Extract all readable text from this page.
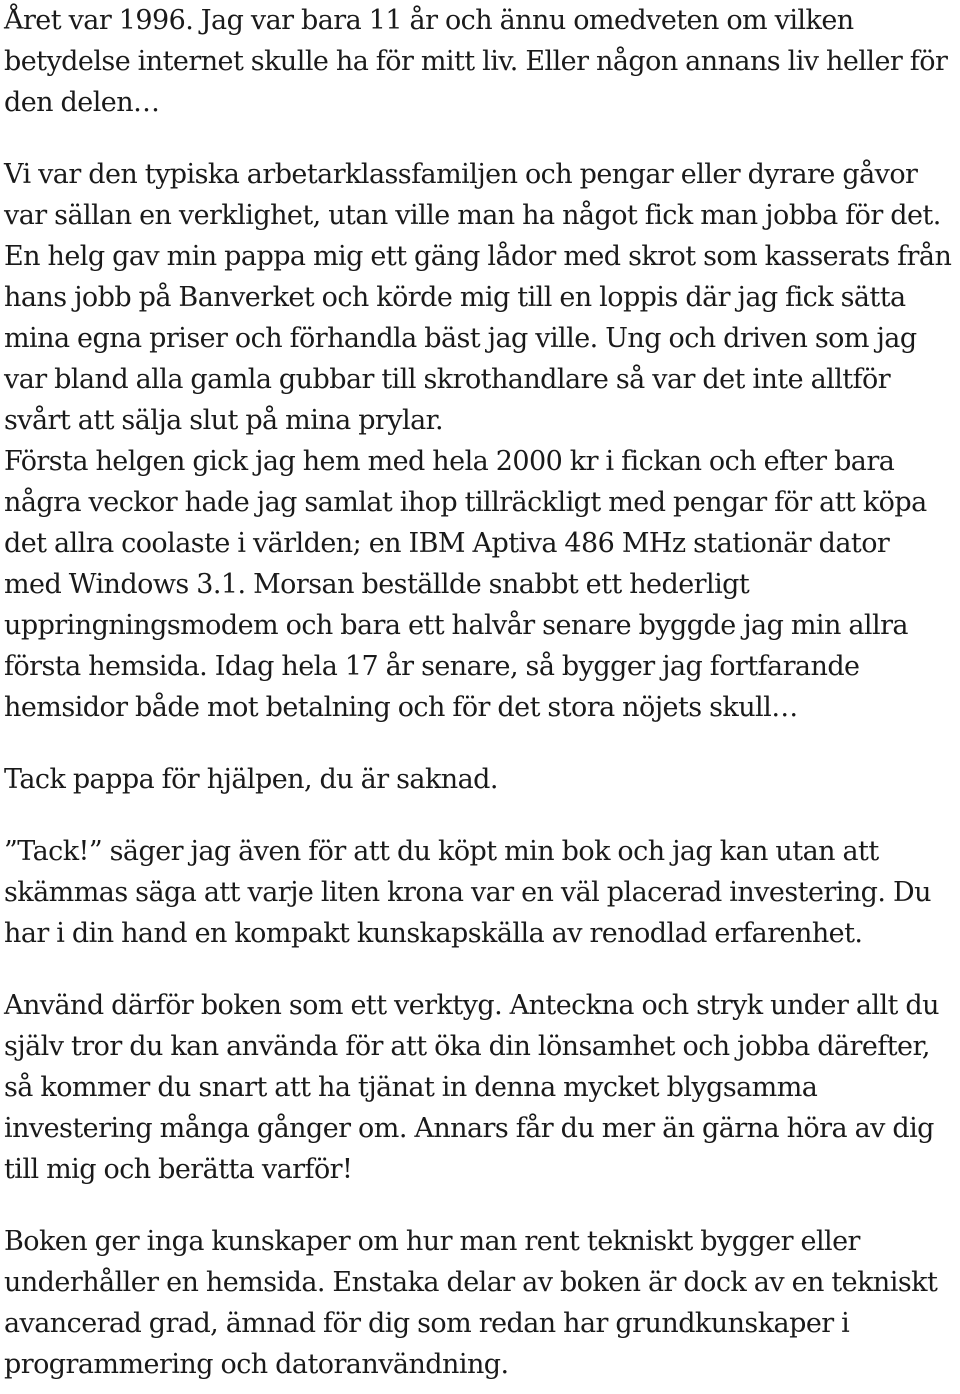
Året var 1996. Jag var bara 11 år och ännu omedveten om vilken
betydelse internet skulle ha för mitt liv. Eller någon annans liv heller för
den delen…
Vi var den typiska arbetarklassfamiljen och pengar eller dyrare gåvor
var sällan en verklighet, utan ville man ha något fick man jobba för det.
En helg gav min pappa mig ett gäng lådor med skrot som kasserats från
hans jobb på Banverket och körde mig till en loppis där jag fick sätta
mina egna priser och förhandla bäst jag ville. Ung och driven som jag
var bland alla gamla gubbar till skrothandlare så var det inte alltför
svårt att sälja slut på mina prylar.
Första helgen gick jag hem med hela 2000 kr i fickan och efter bara
några veckor hade jag samlat ihop tillräckligt med pengar för att köpa
det allra coolaste i världen; en IBM Aptiva 486 MHz stationär dator
med Windows 3.1. Morsan beställde snabbt ett hederligt
uppringningsmodem och bara ett halvår senare byggde jag min allra
första hemsida. Idag hela 17 år senare, så bygger jag fortfarande
hemsidor både mot betalning och för det stora nöjets skull…
Tack pappa för hjälpen, du är saknad.
”Tack!” säger jag även för att du köpt min bok och jag kan utan att
skämmas säga att varje liten krona var en väl placerad investering. Du
har i din hand en kompakt kunskapskälla av renodlad erfarenhet.
Använd därför boken som ett verktyg. Anteckna och stryk under allt du
själv tror du kan använda för att öka din lönsamhet och jobba därefter,
så kommer du snart att ha tjänat in denna mycket blygsamma
investering många gånger om. Annars får du mer än gärna höra av dig
till mig och berätta varför!
Boken ger inga kunskaper om hur man rent tekniskt bygger eller
underhåller en hemsida. Enstaka delar av boken är dock av en tekniskt
avancerad grad, ämnad för dig som redan har grundkunskaper i
programmering och datoranvändning.
